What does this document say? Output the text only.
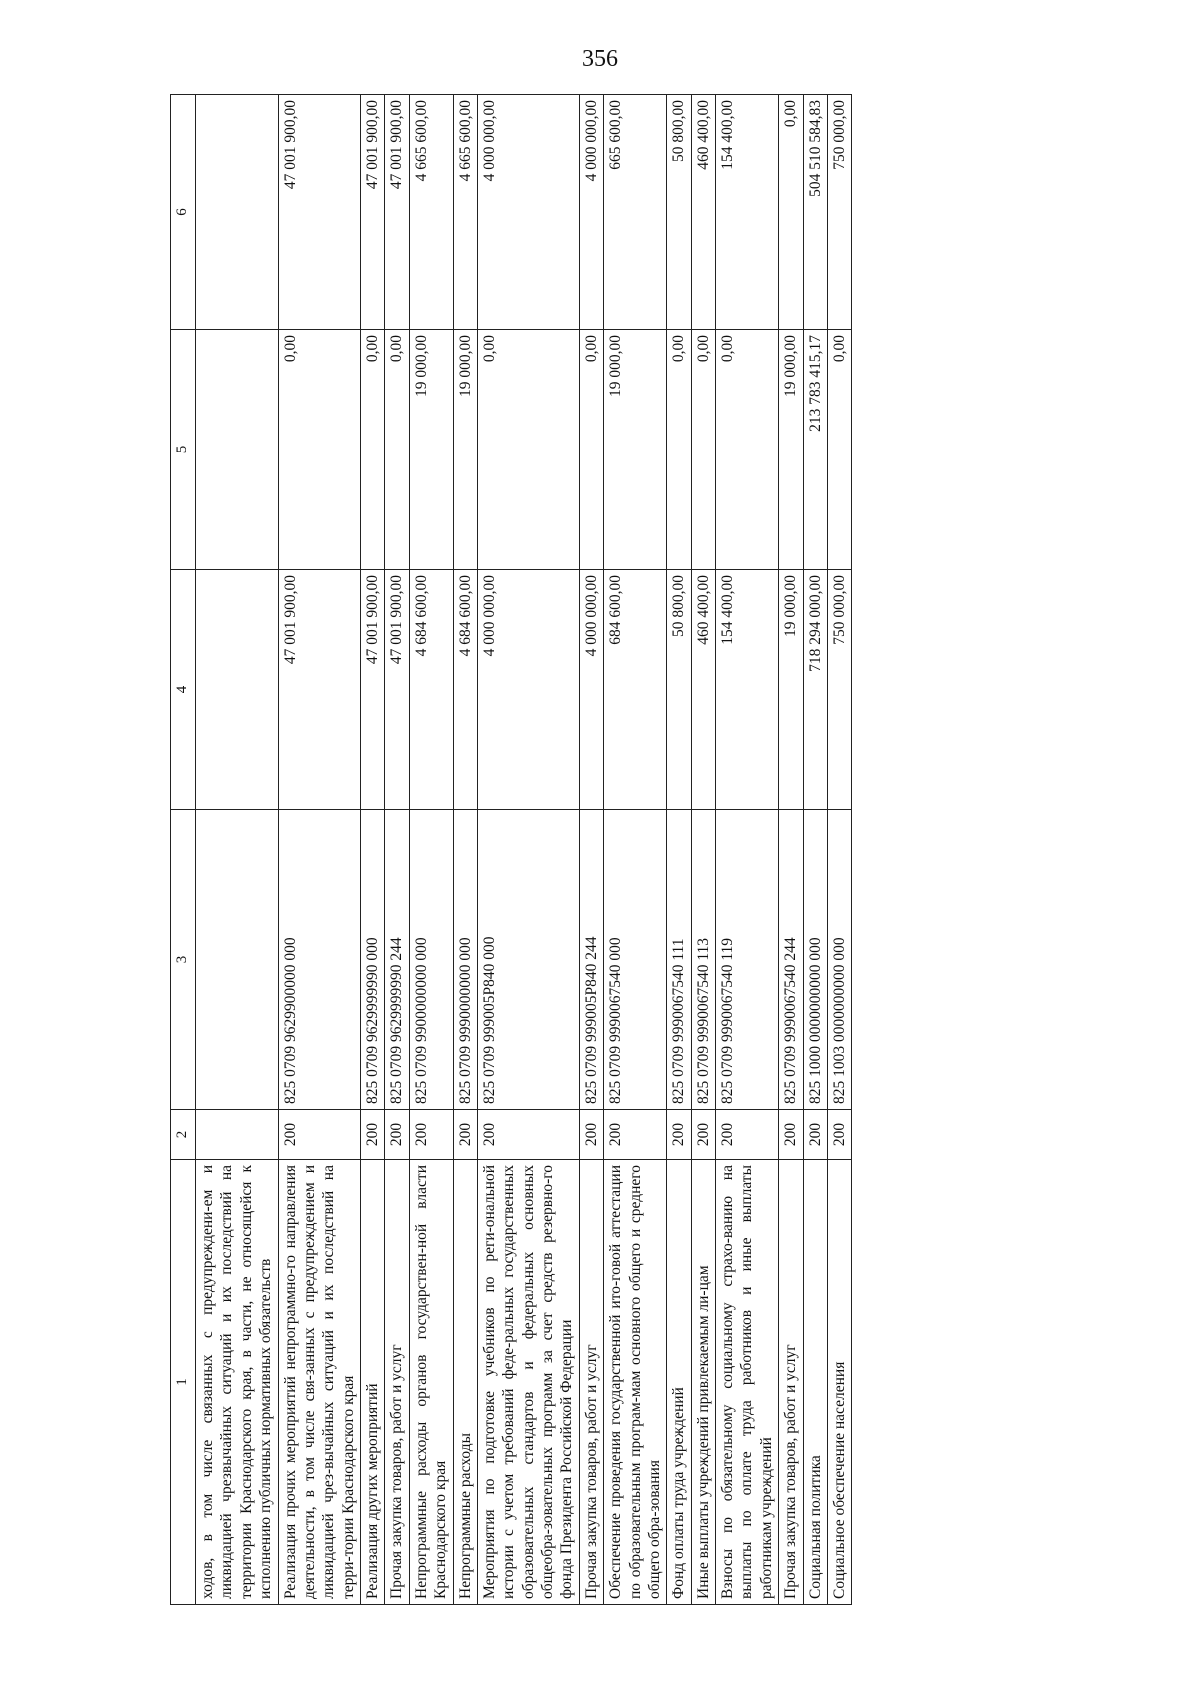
356
1	2	3	4	5	6
ходов, в том числе связанных с предупреждени-ем и ликвидацией чрезвычайных ситуаций и их последствий на территории Краснодарского края, в части, не относящейся к исполнению публичных нормативных обязательств					
Реализация прочих мероприятий непрограммно-го направления деятельности, в том числе свя-занных с предупреждением и ликвидацией чрез-вычайных ситуаций и их последствий на терри-тории Краснодарского края	200	825 0709 9629900000 000	47 001 900,00	0,00	47 001 900,00
Реализация других мероприятий	200	825 0709 9629999990 000	47 001 900,00	0,00	47 001 900,00
Прочая закупка товаров, работ и услуг	200	825 0709 9629999990 244	47 001 900,00	0,00	47 001 900,00
Непрограммные расходы органов государствен-ной власти Краснодарского края	200	825 0709 9900000000 000	4 684 600,00	19 000,00	4 665 600,00
Непрограммные расходы	200	825 0709 9990000000 000	4 684 600,00	19 000,00	4 665 600,00
Мероприятия по подготовке учебников по реги-ональной истории с учетом требований феде-ральных государственных образовательных стандартов и федеральных основных общеобра-зовательных программ за счет средств резервно-го фонда Президента Российской Федерации	200	825 0709 999005P840 000	4 000 000,00	0,00	4 000 000,00
Прочая закупка товаров, работ и услуг	200	825 0709 999005P840 244	4 000 000,00	0,00	4 000 000,00
Обеспечение проведения государственной ито-говой аттестации по образовательным програм-мам основного общего и среднего общего обра-зования	200	825 0709 9990067540 000	684 600,00	19 000,00	665 600,00
Фонд оплаты труда учреждений	200	825 0709 9990067540 111	50 800,00	0,00	50 800,00
Иные выплаты учреждений привлекаемым ли-цам	200	825 0709 9990067540 113	460 400,00	0,00	460 400,00
Взносы по обязательному социальному страхо-ванию на выплаты по оплате труда работников и иные выплаты работникам учреждений	200	825 0709 9990067540 119	154 400,00	0,00	154 400,00
Прочая закупка товаров, работ и услуг	200	825 0709 9990067540 244	19 000,00	19 000,00	0,00
Социальная политика	200	825 1000 0000000000 000	718 294 000,00	213 783 415,17	504 510 584,83
Социальное обеспечение населения	200	825 1003 0000000000 000	750 000,00	0,00	750 000,00
